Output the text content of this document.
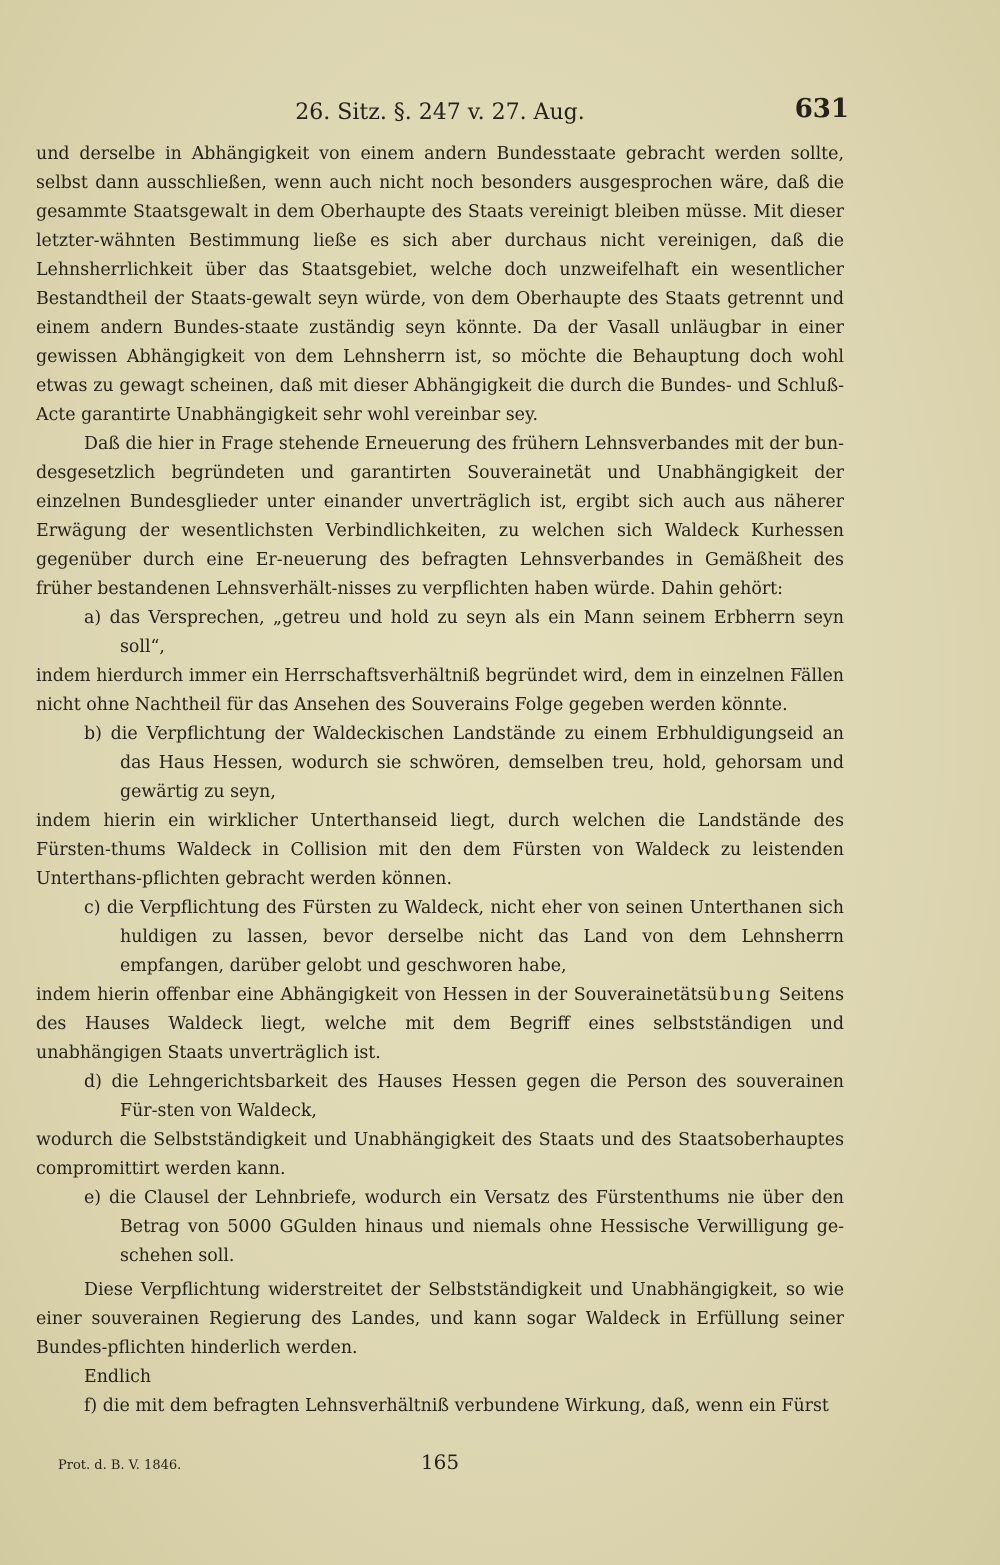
26. Sitz. §. 247 v. 27. Aug.	631

und derselbe in Abhängigkeit von einem andern Bundesstaate gebracht werden sollte, selbst dann ausschließen, wenn auch nicht noch besonders ausgesprochen wäre, daß die gesammte Staatsgewalt in dem Oberhaupte des Staats vereinigt bleiben müsse. Mit dieser letzter-wähnten Bestimmung ließe es sich aber durchaus nicht vereinigen, daß die Lehnsherrlichkeit über das Staatsgebiet, welche doch unzweifelhaft ein wesentlicher Bestandtheil der Staats-gewalt seyn würde, von dem Oberhaupte des Staats getrennt und einem andern Bundes-staate zuständig seyn könnte. Da der Vasall unläugbar in einer gewissen Abhängigkeit von dem Lehnsherrn ist, so möchte die Behauptung doch wohl etwas zu gewagt scheinen, daß mit dieser Abhängigkeit die durch die Bundes- und Schluß-Acte garantirte Unabhängigkeit sehr wohl vereinbar sey.

Daß die hier in Frage stehende Erneuerung des frühern Lehnsverbandes mit der bun-desgesetzlich begründeten und garantirten Souverainetät und Unabhängigkeit der einzelnen Bundesglieder unter einander unverträglich ist, ergibt sich auch aus näherer Erwägung der wesentlichsten Verbindlichkeiten, zu welchen sich Waldeck Kurhessen gegenüber durch eine Er-neuerung des befragten Lehnsverbandes in Gemäßheit des früher bestandenen Lehnsverhält-nisses zu verpflichten haben würde. Dahin gehört:

a) das Versprechen, „getreu und hold zu seyn als ein Mann seinem Erbherrn seyn soll“,

indem hierdurch immer ein Herrschaftsverhältniß begründet wird, dem in einzelnen Fällen nicht ohne Nachtheil für das Ansehen des Souverains Folge gegeben werden könnte.

b) die Verpflichtung der Waldeckischen Landstände zu einem Erbhuldigungseid an das Haus Hessen, wodurch sie schwören, demselben treu, hold, gehorsam und gewärtig zu seyn,

indem hierin ein wirklicher Unterthanseid liegt, durch welchen die Landstände des Fürsten-thums Waldeck in Collision mit den dem Fürsten von Waldeck zu leistenden Unterthans-pflichten gebracht werden können.

c) die Verpflichtung des Fürsten zu Waldeck, nicht eher von seinen Unterthanen sich huldigen zu lassen, bevor derselbe nicht das Land von dem Lehnsherrn empfangen, darüber gelobt und geschworen habe,

indem hierin offenbar eine Abhängigkeit von Hessen in der Souverainetätsübung Seitens des Hauses Waldeck liegt, welche mit dem Begriff eines selbstständigen und unabhängigen Staats unverträglich ist.

d) die Lehngerichtsbarkeit des Hauses Hessen gegen die Person des souverainen Für-sten von Waldeck,

wodurch die Selbstständigkeit und Unabhängigkeit des Staats und des Staatsoberhauptes compromittirt werden kann.

e) die Clausel der Lehnbriefe, wodurch ein Versatz des Fürstenthums nie über den Betrag von 5000 GGulden hinaus und niemals ohne Hessische Verwilligung ge-schehen soll.

Diese Verpflichtung widerstreitet der Selbstständigkeit und Unabhängigkeit, so wie einer souverainen Regierung des Landes, und kann sogar Waldeck in Erfüllung seiner Bundes-pflichten hinderlich werden.

Endlich

f) die mit dem befragten Lehnsverhältniß verbundene Wirkung, daß, wenn ein Fürst

Prot. d. B. V. 1846.	165
